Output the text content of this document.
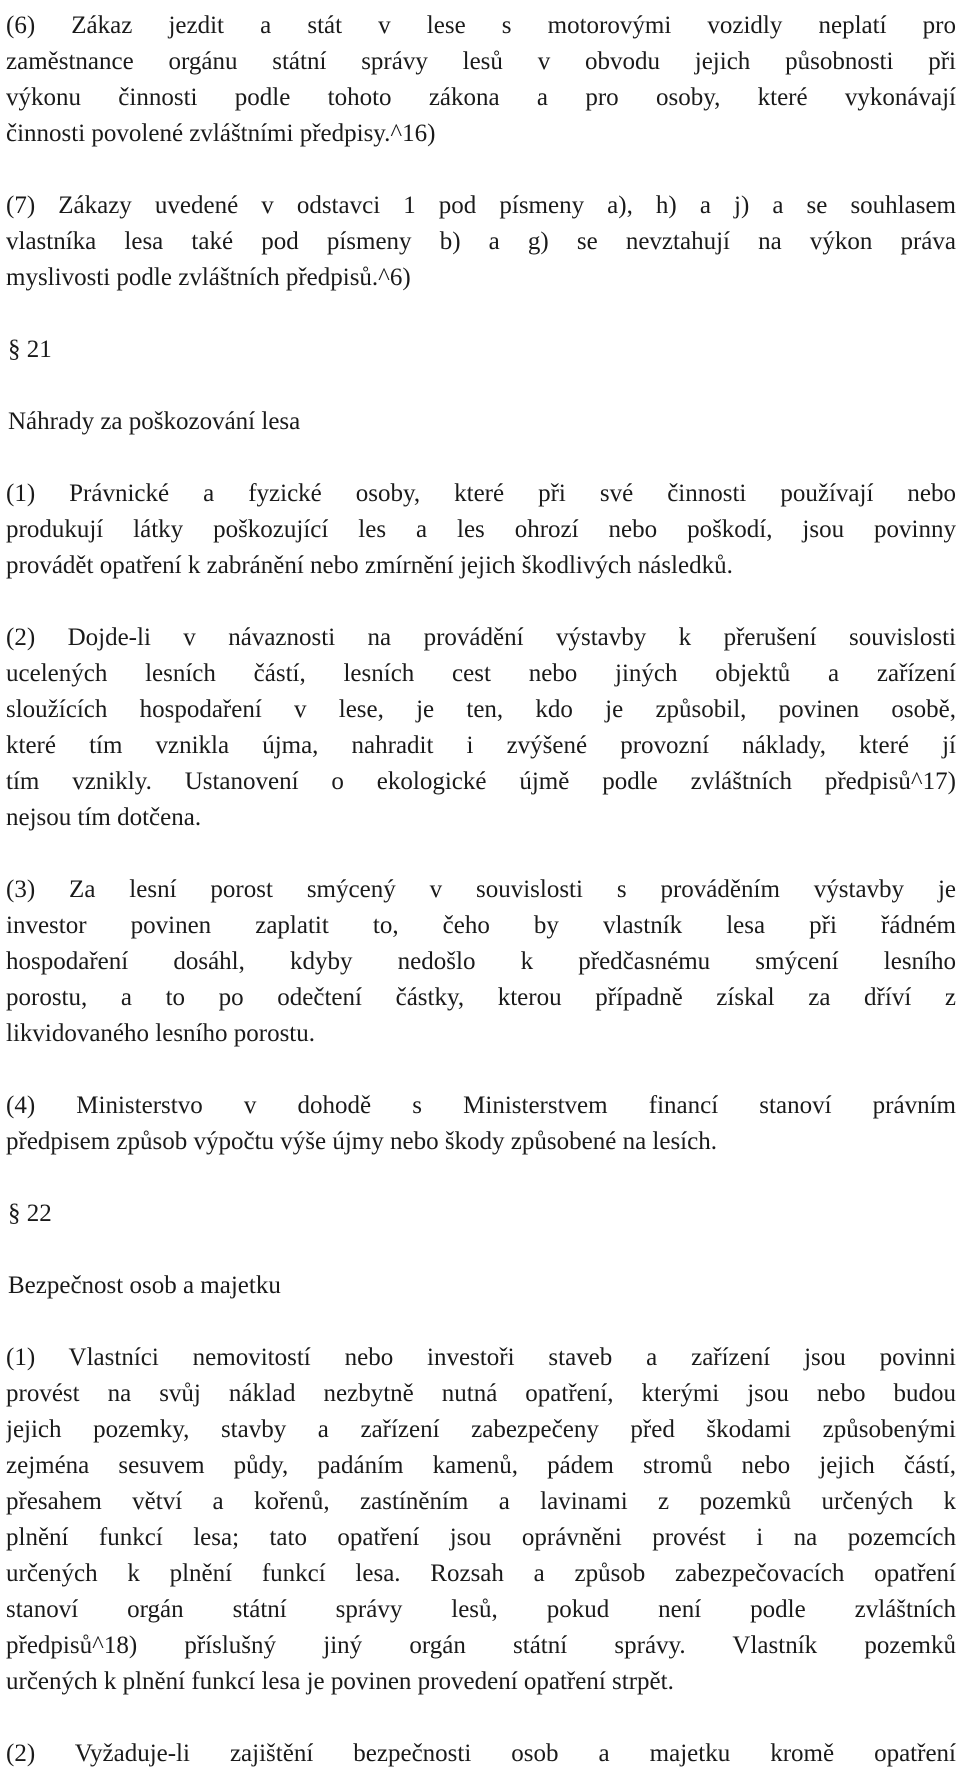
(6) Zákaz jezdit a stát v lese s motorovými vozidly neplatí pro
zaměstnance orgánu státní správy lesů v obvodu jejich působnosti při
výkonu činnosti podle tohoto zákona a pro osoby, které vykonávají
činnosti povolené zvláštními předpisy.^16)
(7) Zákazy uvedené v odstavci 1 pod písmeny a), h) a j) a se souhlasem
vlastníka lesa také pod písmeny b) a g) se nevztahují na výkon práva
myslivosti podle zvláštních předpisů.^6)
§ 21
Náhrady za poškozování lesa
(1) Právnické a fyzické osoby, které při své činnosti používají nebo
produkují látky poškozující les a les ohrozí nebo poškodí, jsou povinny
provádět opatření k zabránění nebo zmírnění jejich škodlivých následků.
(2) Dojde-li v návaznosti na provádění výstavby k přerušení souvislosti
ucelených lesních částí, lesních cest nebo jiných objektů a zařízení
sloužících hospodaření v lese, je ten, kdo je způsobil, povinen osobě,
které tím vznikla újma, nahradit i zvýšené provozní náklady, které jí
tím vznikly. Ustanovení o ekologické újmě podle zvláštních předpisů^17)
nejsou tím dotčena.
(3) Za lesní porost smýcený v souvislosti s prováděním výstavby je
investor povinen zaplatit to, čeho by vlastník lesa při řádném
hospodaření dosáhl, kdyby nedošlo k předčasnému smýcení lesního
porostu, a to po odečtení částky, kterou případně získal za dříví z
likvidovaného lesního porostu.
(4) Ministerstvo v dohodě s Ministerstvem financí stanoví právním
předpisem způsob výpočtu výše újmy nebo škody způsobené na lesích.
§ 22
Bezpečnost osob a majetku
(1) Vlastníci nemovitostí nebo investoři staveb a zařízení jsou povinni
provést na svůj náklad nezbytně nutná opatření, kterými jsou nebo budou
jejich pozemky, stavby a zařízení zabezpečeny před škodami způsobenými
zejména sesuvem půdy, padáním kamenů, pádem stromů nebo jejich částí,
přesahem větví a kořenů, zastíněním a lavinami z pozemků určených k
plnění funkcí lesa; tato opatření jsou oprávněni provést i na pozemcích
určených k plnění funkcí lesa. Rozsah a způsob zabezpečovacích opatření
stanoví orgán státní správy lesů, pokud není podle zvláštních
předpisů^18) příslušný jiný orgán státní správy. Vlastník pozemků
určených k plnění funkcí lesa je povinen provedení opatření strpět.
(2) Vyžaduje-li zajištění bezpečnosti osob a majetku kromě opatření
